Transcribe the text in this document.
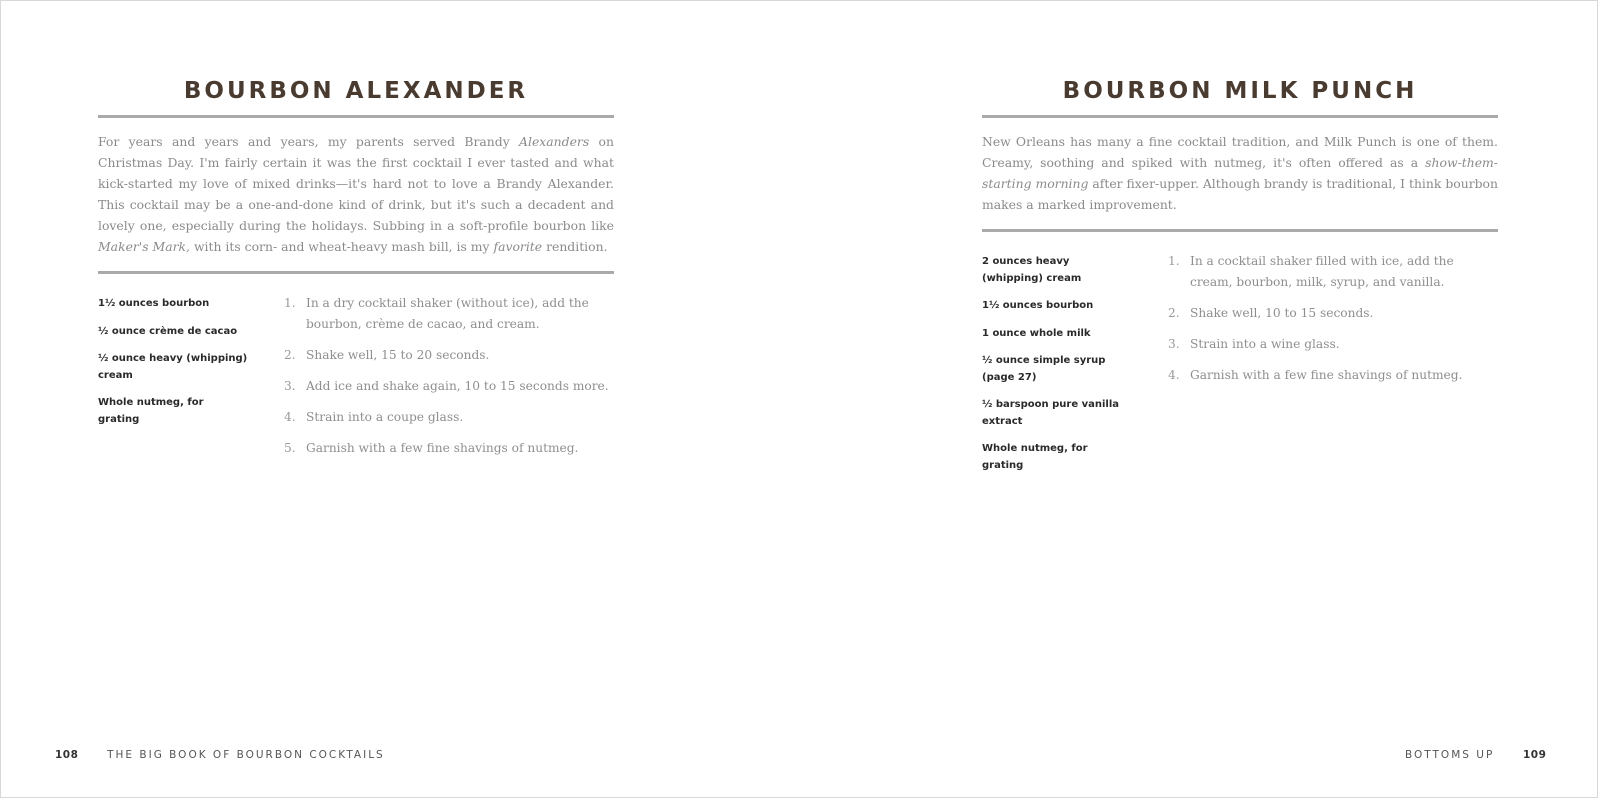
BOURBON ALEXANDER
For years and years and years, my parents served Brandy Alexanders on Christmas Day. I'm fairly certain it was the first cocktail I ever tasted and what kick-started my love of mixed drinks—it's hard not to love a Brandy Alexander. This cocktail may be a one-and-done kind of drink, but it's such a decadent and lovely one, especially during the holidays. Subbing in a soft-profile bourbon like Maker's Mark, with its corn- and wheat-heavy mash bill, is my favorite rendition.
1½ ounces bourbon
½ ounce crème de cacao
½ ounce heavy (whipping) cream
Whole nutmeg, for grating
1. In a dry cocktail shaker (without ice), add the bourbon, crème de cacao, and cream.
2. Shake well, 15 to 20 seconds.
3. Add ice and shake again, 10 to 15 seconds more.
4. Strain into a coupe glass.
5. Garnish with a few fine shavings of nutmeg.
108	THE BIG BOOK OF BOURBON COCKTAILS
BOURBON MILK PUNCH
New Orleans has many a fine cocktail tradition, and Milk Punch is one of them. Creamy, soothing and spiked with nutmeg, it's often offered as a show-them-starting morning after fixer-upper. Although brandy is traditional, I think bourbon makes a marked improvement.
2 ounces heavy (whipping) cream
1½ ounces bourbon
1 ounce whole milk
½ ounce simple syrup (page 27)
½ barspoon pure vanilla extract
Whole nutmeg, for grating
1. In a cocktail shaker filled with ice, add the cream, bourbon, milk, syrup, and vanilla.
2. Shake well, 10 to 15 seconds.
3. Strain into a wine glass.
4. Garnish with a few fine shavings of nutmeg.
BOTTOMS UP	109
